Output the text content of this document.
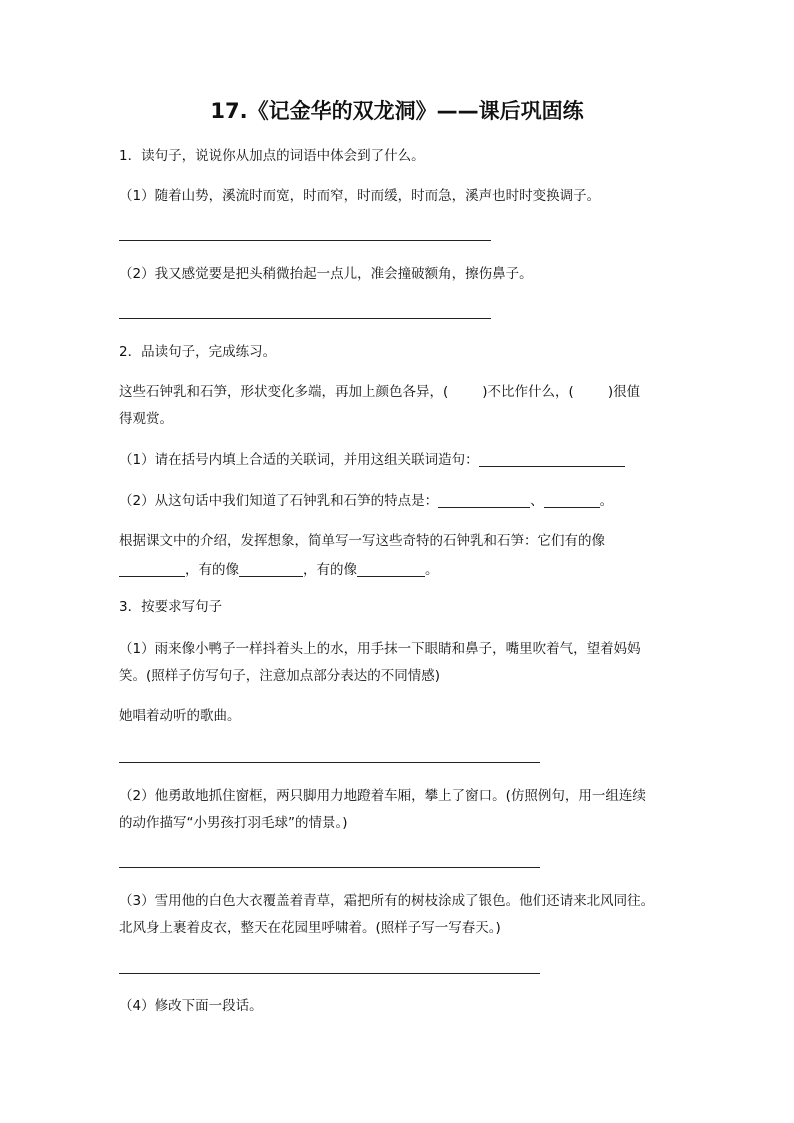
17.《记金华的双龙洞》——课后巩固练
1．读句子，说说你从加点的词语中体会到了什么。
（1）随着山势，溪流时而宽，时而窄，时而缓，时而急，溪声也时时变换调子。
（2）我又感觉要是把头稍微抬起一点儿，准会撞破额角，擦伤鼻子。
2．品读句子，完成练习。
这些石钟乳和石笋，形状变化多端，再加上颜色各异，(	)不比作什么，(	)很值
得观赏。
（1）请在括号内填上合适的关联词，并用这组关联词造句：
（2）从这句话中我们知道了石钟乳和石笋的特点是：	、	。
根据课文中的介绍，发挥想象，简单写一写这些奇特的石钟乳和石笋：它们有的像
，有的像	，有的像	。
3．按要求写句子
（1）雨来像小鸭子一样抖着头上的水，用手抹一下眼睛和鼻子，嘴里吹着气，望着妈妈
笑。(照样子仿写句子，注意加点部分表达的不同情感)
她唱着动听的歌曲。
（2）他勇敢地抓住窗框，两只脚用力地蹬着车厢，攀上了窗口。(仿照例句，用一组连续
的动作描写“小男孩打羽毛球”的情景。)
（3）雪用他的白色大衣覆盖着青草，霜把所有的树枝涂成了银色。他们还请来北风同往。
北风身上裹着皮衣，整天在花园里呼啸着。(照样子写一写春天。)
（4）修改下面一段话。
